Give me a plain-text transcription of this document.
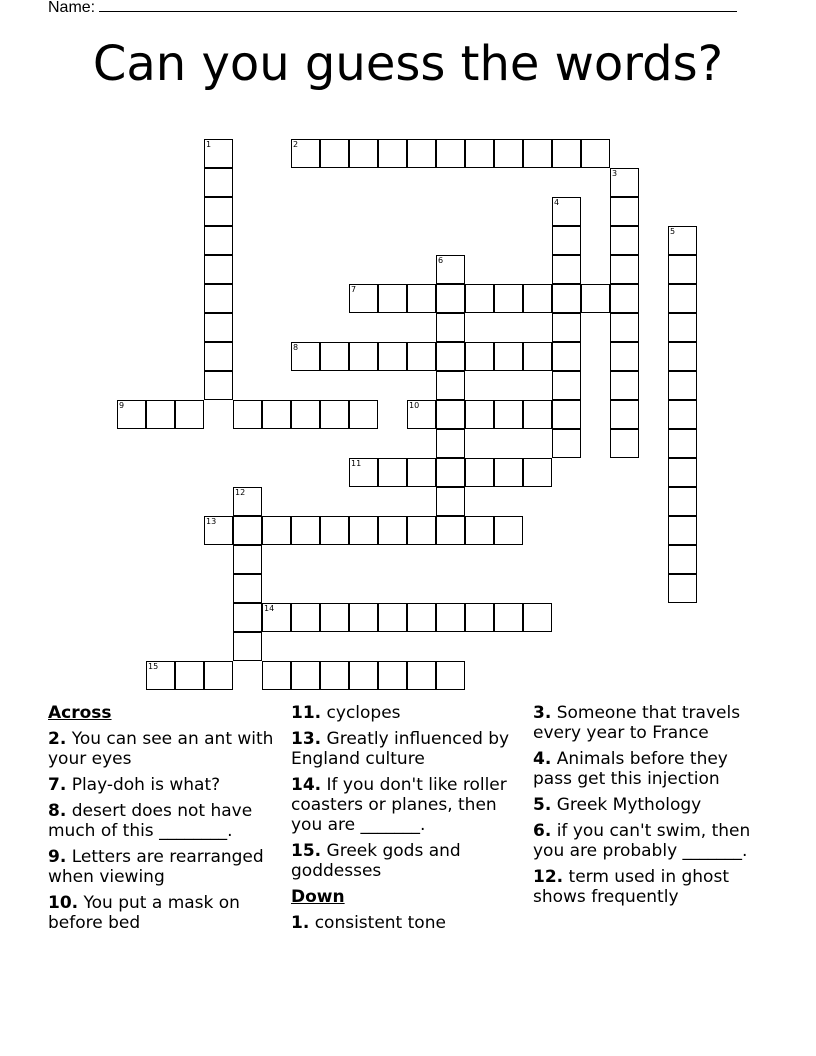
Name:
Can you guess the words?
1	2
3
4
5
6
7
8
9	10
11
12
13
14
15
Across
2. You can see an ant with your eyes
7. Play-doh is what?
8. desert does not have much of this ________.
9. Letters are rearranged when viewing
10. You put a mask on before bed
11. cyclopes
13. Greatly influenced by England culture
14. If you don't like roller coasters or planes, then you are _______.
15. Greek gods and goddesses
Down
1. consistent tone
3. Someone that travels every year to France
4. Animals before they pass get this injection
5. Greek Mythology
6. if you can't swim, then you are probably _______.
12. term used in ghost shows frequently
